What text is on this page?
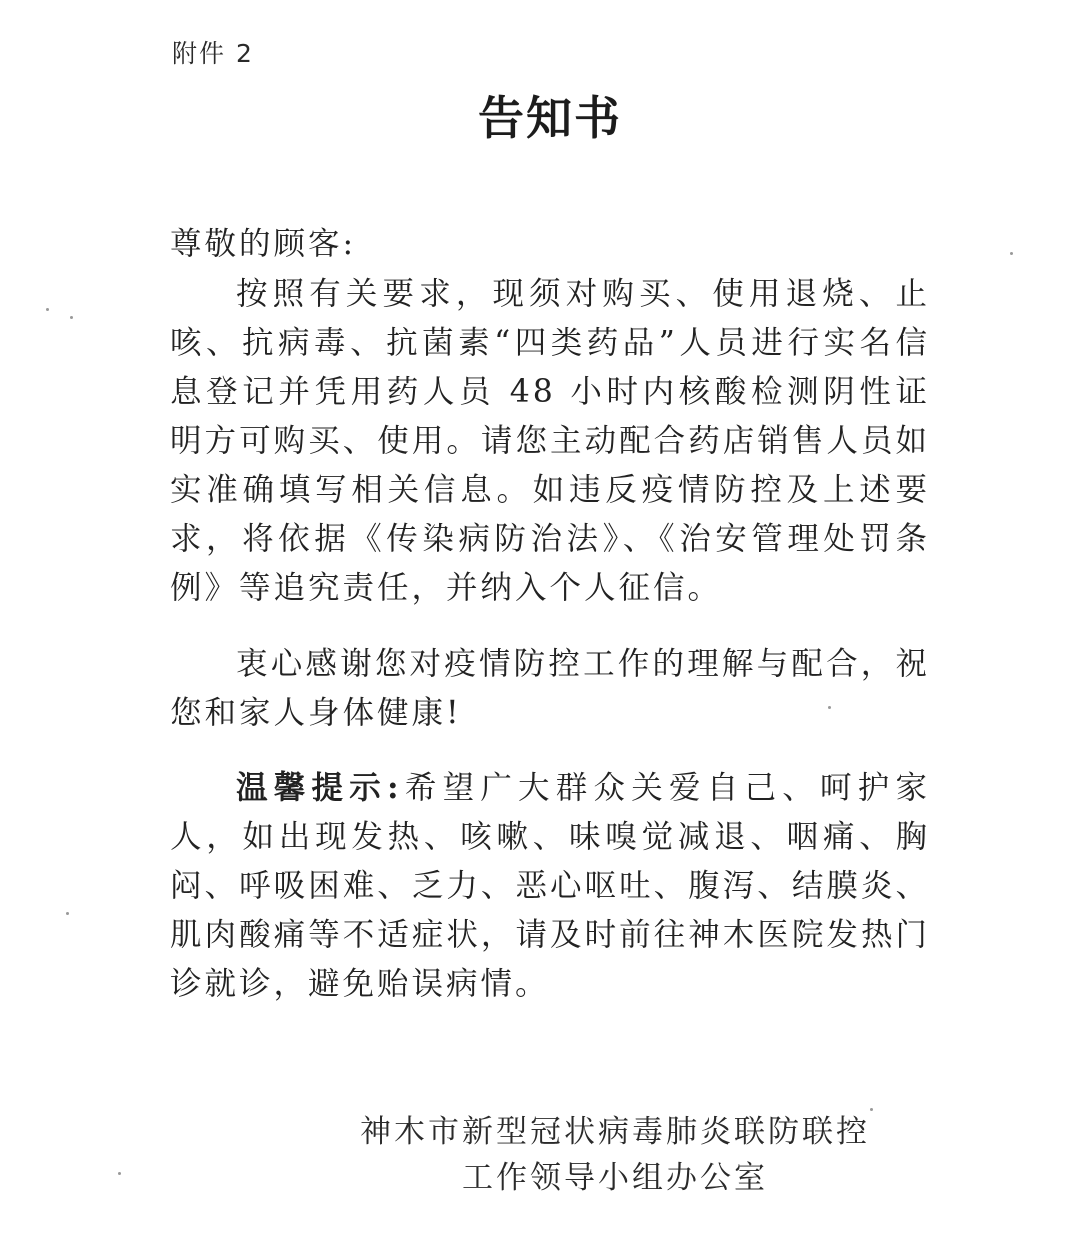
附件 2
告知书
尊敬的顾客:
按照有关要求，现须对购买、使用退烧、止咳、抗病毒、抗菌素“四类药品”人员进行实名信息登记并凭用药人员 48 小时内核酸检测阴性证明方可购买、使用。请您主动配合药店销售人员如实准确填写相关信息。如违反疫情防控及上述要求，将依据《传染病防治法》、《治安管理处罚条例》等追究责任，并纳入个人征信。
衷心感谢您对疫情防控工作的理解与配合，祝您和家人身体健康!
温馨提示:希望广大群众关爱自己、呵护家人，如出现发热、咳嗽、味嗅觉减退、咽痛、胸闷、呼吸困难、乏力、恶心呕吐、腹泻、结膜炎、肌肉酸痛等不适症状，请及时前往神木医院发热门诊就诊，避免贻误病情。
神木市新型冠状病毒肺炎联防联控
工作领导小组办公室
